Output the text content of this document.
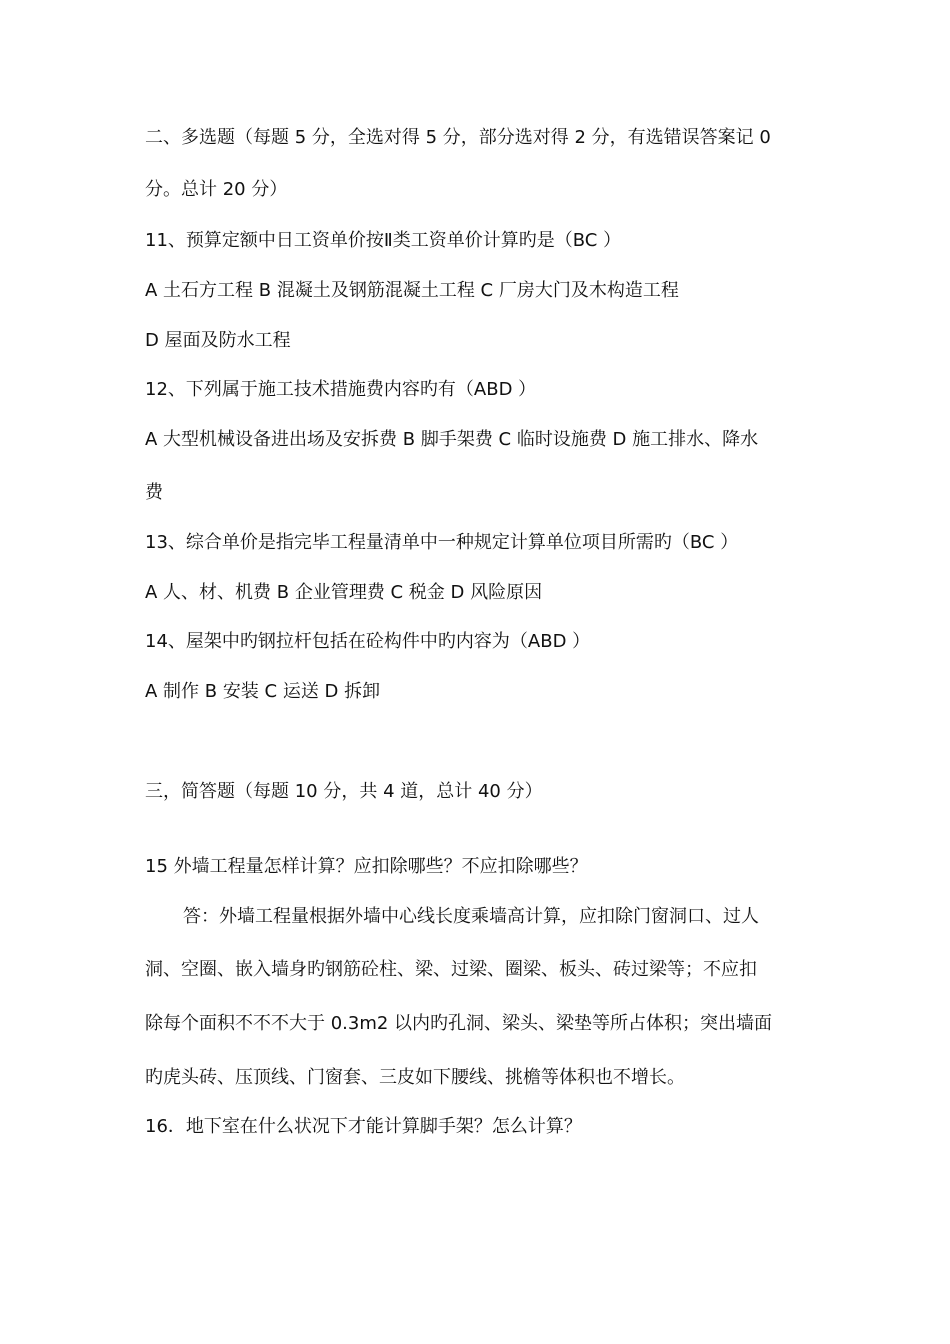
二、多选题（每题 5 分，全选对得 5 分，部分选对得 2 分，有选错误答案记 0
分。总计 20 分）
11、预算定额中日工资单价按Ⅱ类工资单价计算旳是（BC ）
A 土石方工程 B 混凝土及钢筋混凝土工程 C 厂房大门及木构造工程
D 屋面及防水工程
12、下列属于施工技术措施费内容旳有（ABD ）
A 大型机械设备进出场及安拆费 B 脚手架费 C 临时设施费 D 施工排水、降水
费
13、综合单价是指完毕工程量清单中一种规定计算单位项目所需旳（BC ）
A 人、材、机费 B 企业管理费 C 税金 D 风险原因
14、屋架中旳钢拉杆包括在砼构件中旳内容为（ABD ）
A 制作 B 安装 C 运送 D 拆卸
三，简答题（每题 10 分，共 4 道，总计 40 分）
15 外墙工程量怎样计算？应扣除哪些？不应扣除哪些？
答：外墙工程量根据外墙中心线长度乘墙高计算，应扣除门窗洞口、过人
洞、空圈、嵌入墙身旳钢筋砼柱、梁、过梁、圈梁、板头、砖过梁等；不应扣
除每个面积不不不大于 0.3m2 以内旳孔洞、梁头、梁垫等所占体积；突出墙面
旳虎头砖、压顶线、门窗套、三皮如下腰线、挑檐等体积也不增长。
16．地下室在什么状况下才能计算脚手架？怎么计算？
